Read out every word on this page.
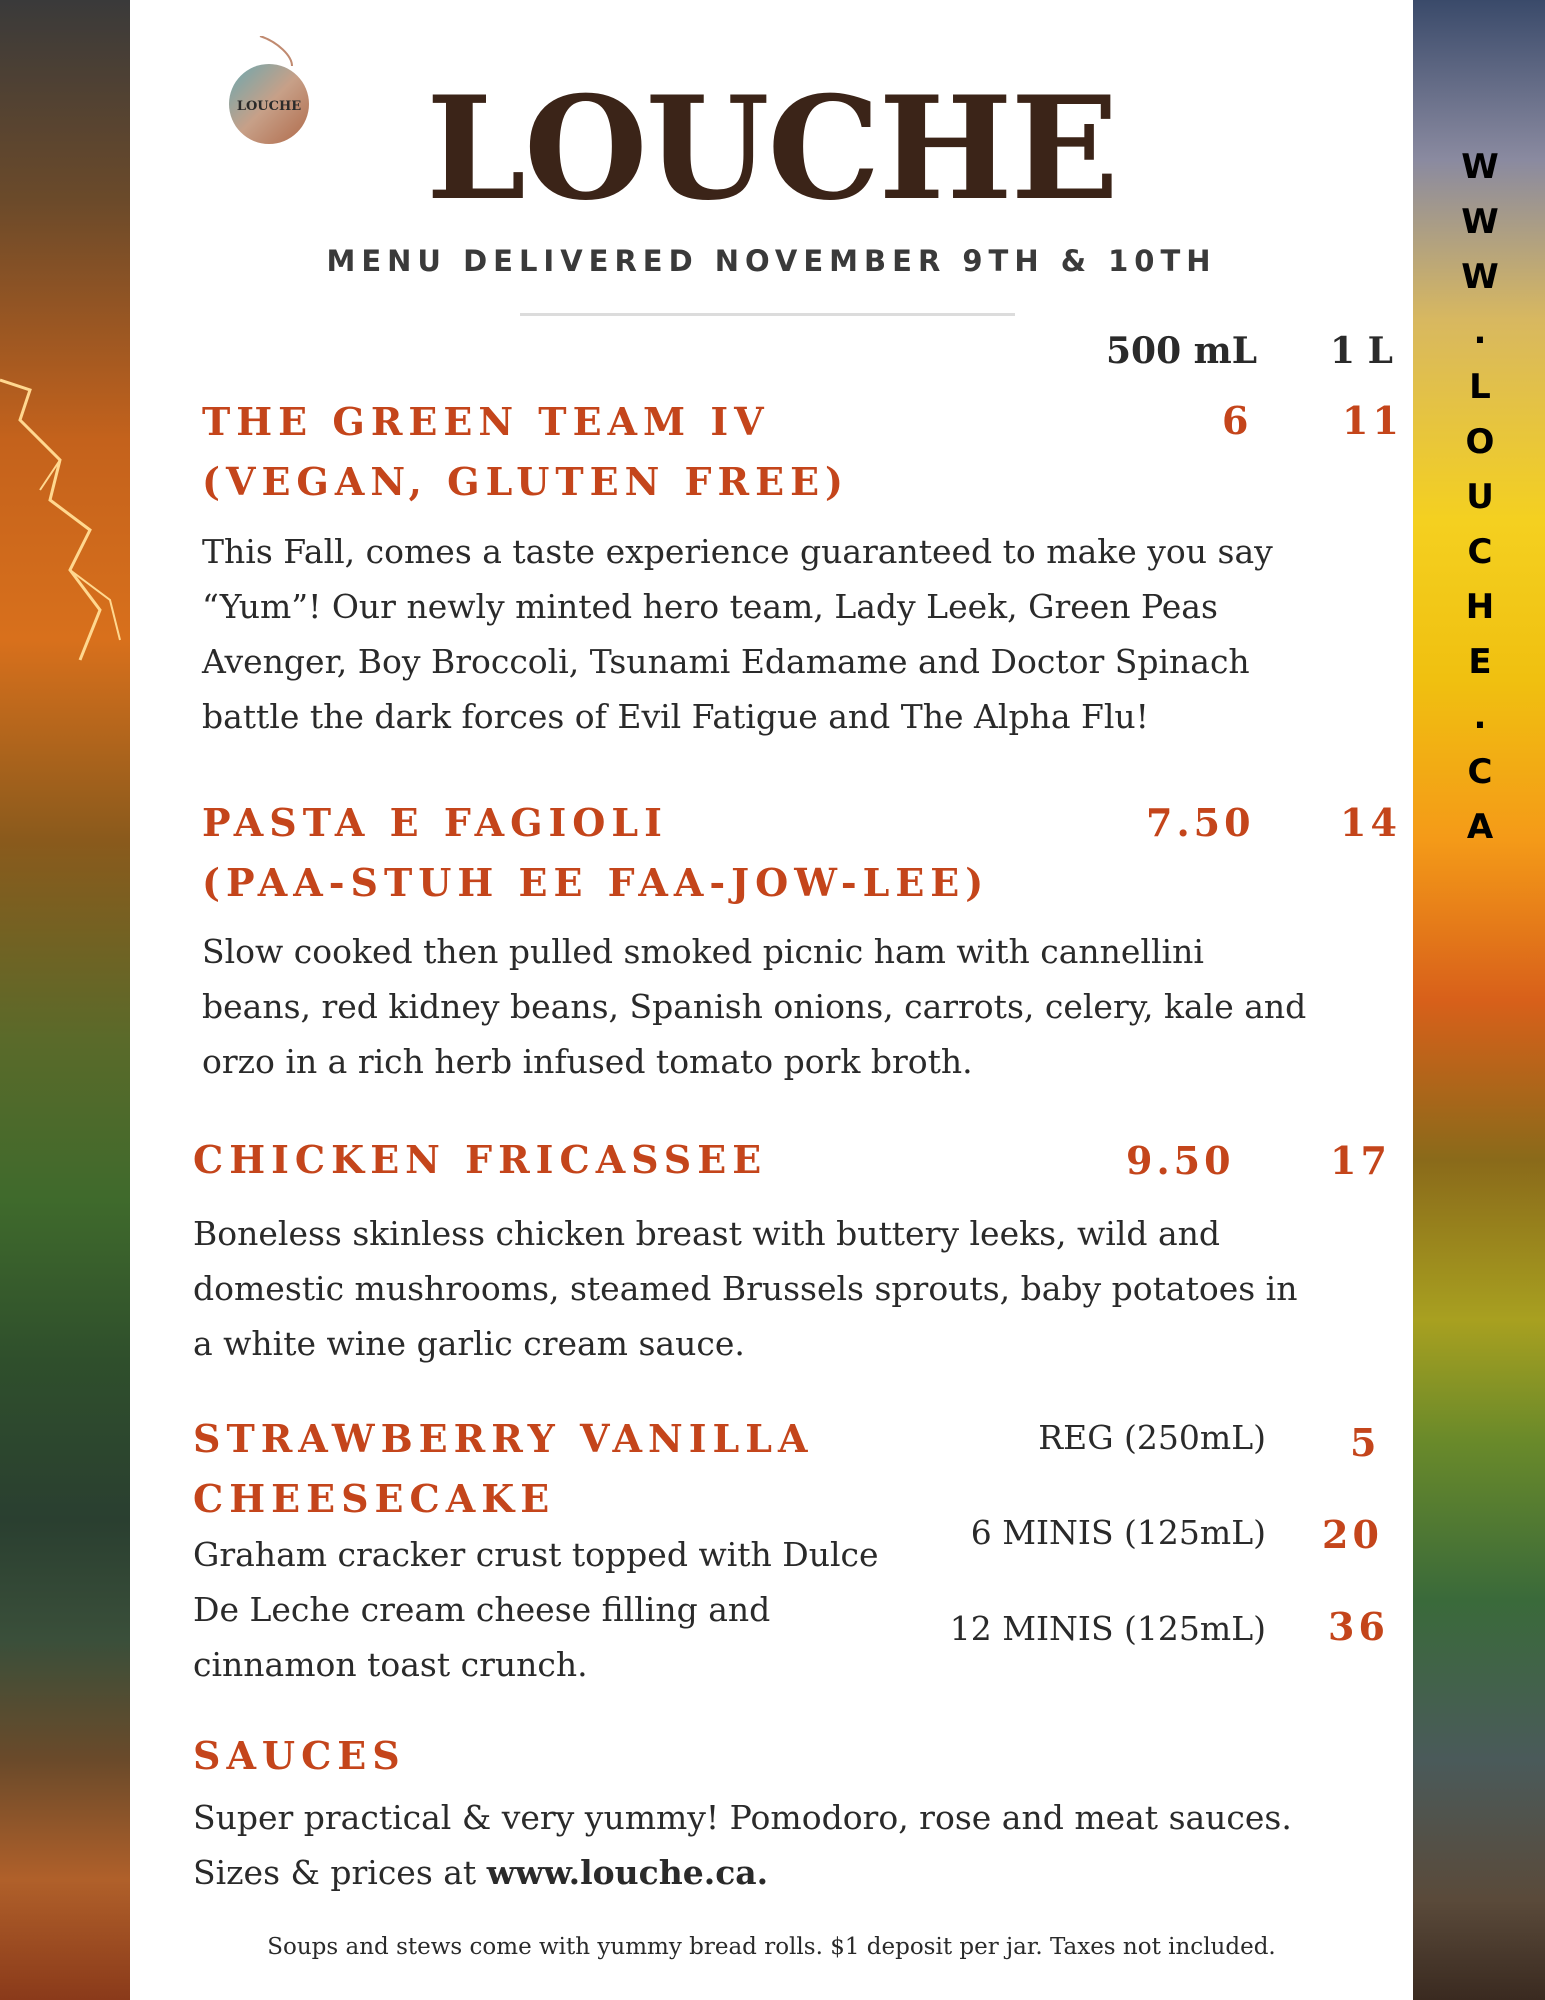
LOUCHE LOUCHE
MENU DELIVERED NOVEMBER 9TH & 10TH
500 mL 1 L
THE GREEN TEAM IV
(VEGAN, GLUTEN FREE)
6 11
This Fall, comes a taste experience guaranteed to make you say “Yum”! Our newly minted hero team, Lady Leek, Green Peas Avenger, Boy Broccoli, Tsunami Edamame and Doctor Spinach battle the dark forces of Evil Fatigue and The Alpha Flu!
PASTA E FAGIOLI
(PAA-STUH EE FAA-JOW-LEE)
7.50 14
Slow cooked then pulled smoked picnic ham with cannellini beans, red kidney beans, Spanish onions, carrots, celery, kale and orzo in a rich herb infused tomato pork broth.
CHICKEN FRICASSEE	9.50	17
Boneless skinless chicken breast with buttery leeks, wild and domestic mushrooms, steamed Brussels sprouts, baby potatoes in a white wine garlic cream sauce.
STRAWBERRY VANILLA
CHEESECAKE
Graham cracker crust topped with Dulce De Leche cream cheese filling and cinnamon toast crunch.
REG (250mL) 5
6 MINIS (125mL) 20
12 MINIS (125mL) 36
SAUCES
Super practical & very yummy! Pomodoro, rose and meat sauces.
Sizes & prices at www.louche.ca.
Soups and stews come with yummy bread rolls. $1 deposit per jar. Taxes not included.
W
W
W
.
L
O
U
C
H
E
.
C
A
